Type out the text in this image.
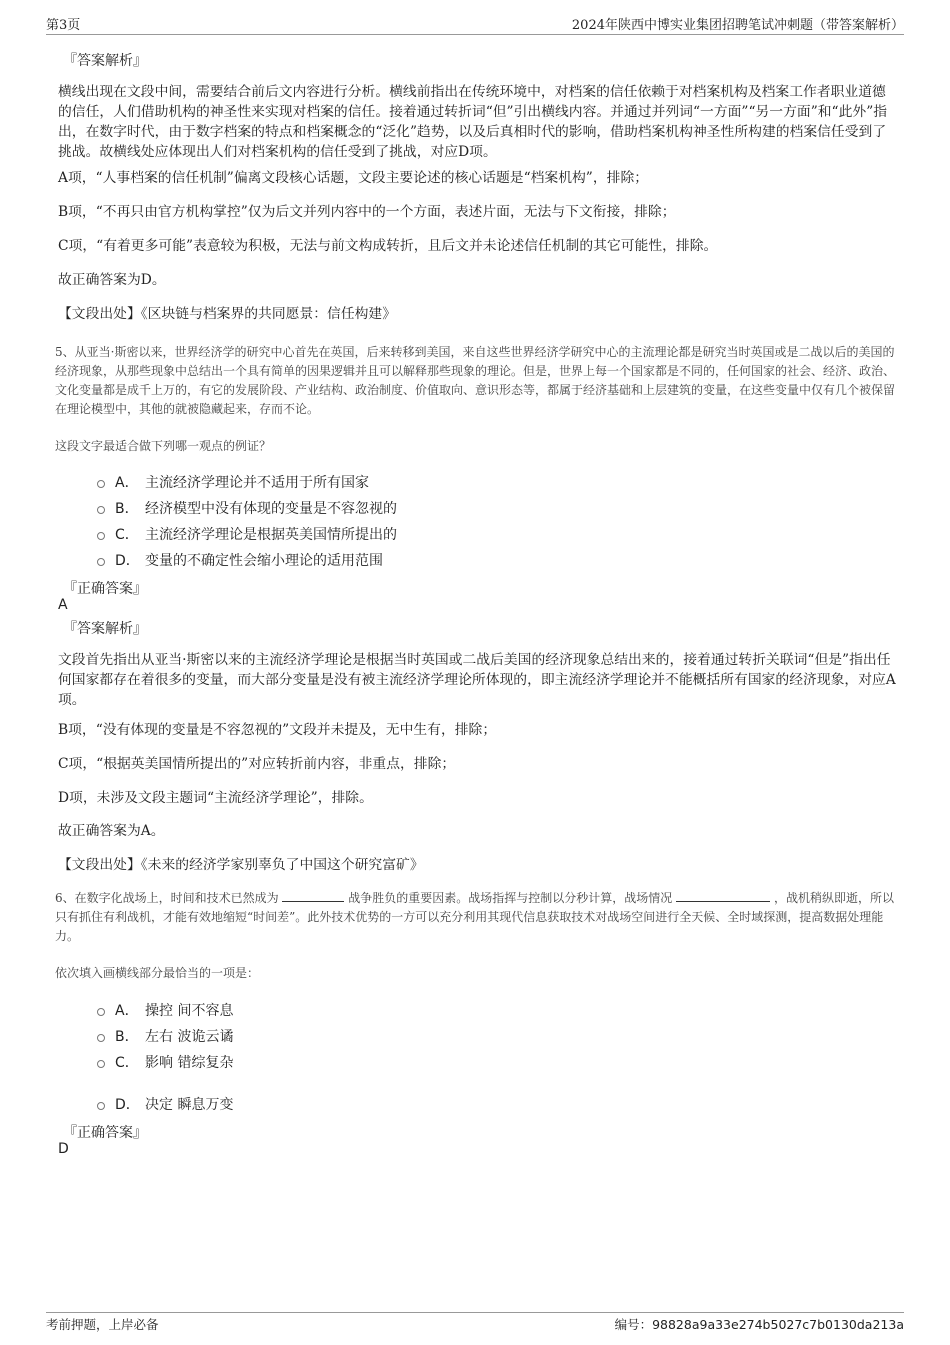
第3页	2024年陕西中博实业集团招聘笔试冲刺题（带答案解析）
『答案解析』
横线出现在文段中间，需要结合前后文内容进行分析。横线前指出在传统环境中，对档案的信任依赖于对档案机构及档案工作者职业道德的信任，人们借助机构的神圣性来实现对档案的信任。接着通过转折词“但”引出横线内容。并通过并列词“一方面”“另一方面”和“此外”指出，在数字时代，由于数字档案的特点和档案概念的“泛化”趋势，以及后真相时代的影响，借助档案机构神圣性所构建的档案信任受到了挑战。故横线处应体现出人们对档案机构的信任受到了挑战，对应D项。
A项，“人事档案的信任机制”偏离文段核心话题，文段主要论述的核心话题是“档案机构”，排除；
B项，“不再只由官方机构掌控”仅为后文并列内容中的一个方面，表述片面，无法与下文衔接，排除；
C项，“有着更多可能”表意较为积极，无法与前文构成转折，且后文并未论述信任机制的其它可能性，排除。
故正确答案为D。
【文段出处】《区块链与档案界的共同愿景：信任构建》
5、从亚当·斯密以来，世界经济学的研究中心首先在英国，后来转移到美国，来自这些世界经济学研究中心的主流理论都是研究当时英国或是二战以后的美国的经济现象，从那些现象中总结出一个具有简单的因果逻辑并且可以解释那些现象的理论。但是，世界上每一个国家都是不同的，任何国家的社会、经济、政治、文化变量都是成千上万的，有它的发展阶段、产业结构、政治制度、价值取向、意识形态等，都属于经济基础和上层建筑的变量，在这些变量中仅有几个被保留在理论模型中，其他的就被隐藏起来，存而不论。
这段文字最适合做下列哪一观点的例证？
A． 主流经济学理论并不适用于所有国家
B． 经济模型中没有体现的变量是不容忽视的
C． 主流经济学理论是根据英美国情所提出的
D． 变量的不确定性会缩小理论的适用范围
『正确答案』
A
『答案解析』
文段首先指出从亚当·斯密以来的主流经济学理论是根据当时英国或二战后美国的经济现象总结出来的，接着通过转折关联词“但是”指出任何国家都存在着很多的变量，而大部分变量是没有被主流经济学理论所体现的，即主流经济学理论并不能概括所有国家的经济现象，对应A项。
B项，“没有体现的变量是不容忽视的”文段并未提及，无中生有，排除；
C项，“根据英美国情所提出的”对应转折前内容，非重点，排除；
D项，未涉及文段主题词“主流经济学理论”，排除。
故正确答案为A。
【文段出处】《未来的经济学家别辜负了中国这个研究富矿》
6、在数字化战场上，时间和技术已然成为	战争胜负的重要因素。战场指挥与控制以分秒计算，战场情况	，战机稍纵即逝，所以只有抓住有利战机，才能有效地缩短“时间差”。此外技术优势的一方可以充分利用其现代信息获取技术对战场空间进行全天候、全时域探测，提高数据处理能力。
依次填入画横线部分最恰当的一项是：
A． 操控 间不容息
B． 左右 波诡云谲
C． 影响 错综复杂
D． 决定 瞬息万变
『正确答案』
D
考前押题，上岸必备	编号：98828a9a33e274b5027c7b0130da213a
